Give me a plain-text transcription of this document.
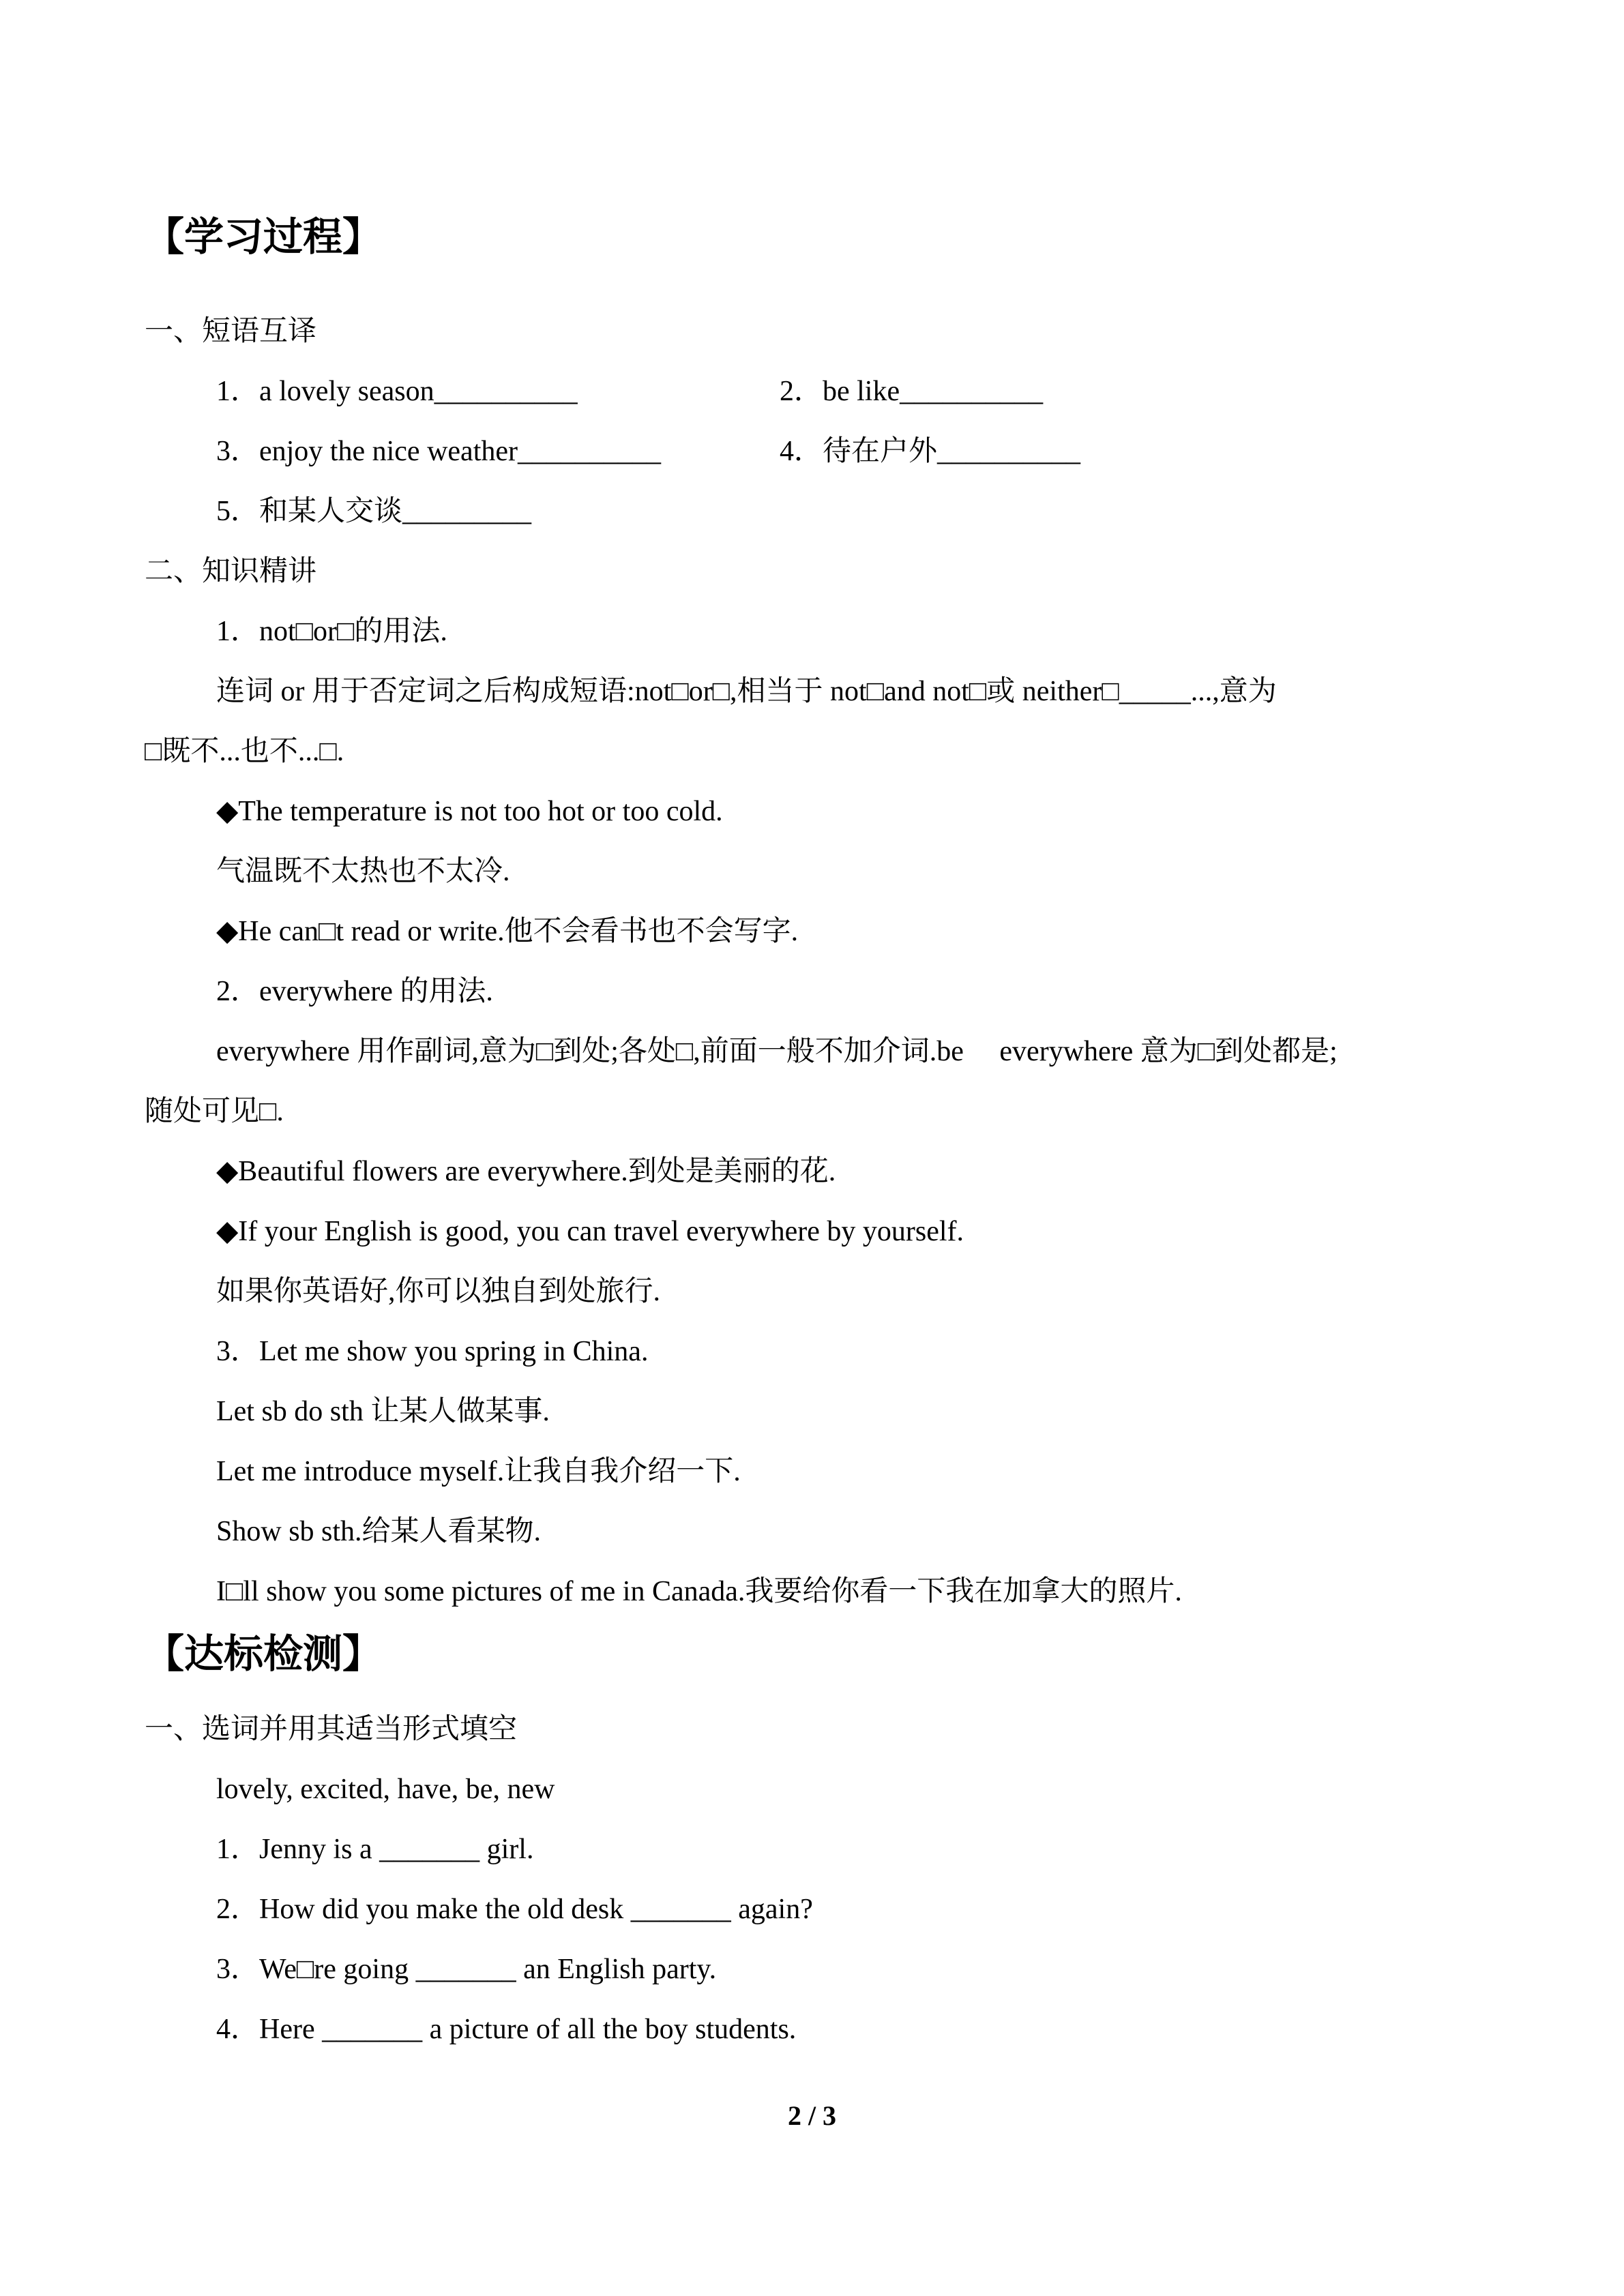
【学习过程】
一、短语互译
1．a lovely season__________	2．be like__________
3．enjoy the nice weather__________	4．待在户外__________
5．和某人交谈_________
二、知识精讲
1．not□or□的用法.
连词 or 用于否定词之后构成短语:not□or□,相当于 not□and not□或 neither□_____...,意为
□既不...也不...□.
◆The temperature is not too hot or too cold.
气温既不太热也不太冷.
◆He can□t read or write.他不会看书也不会写字.
2．everywhere 的用法.
everywhere 用作副词,意为□到处;各处□,前面一般不加介词.be     everywhere 意为□到处都是;
随处可见□.
◆Beautiful flowers are everywhere.到处是美丽的花.
◆If your English is good, you can travel everywhere by yourself.
如果你英语好,你可以独自到处旅行.
3．Let me show you spring in China.
Let sb do sth 让某人做某事.
Let me introduce myself.让我自我介绍一下.
Show sb sth.给某人看某物.
I□ll show you some pictures of me in Canada.我要给你看一下我在加拿大的照片.
【达标检测】
一、选词并用其适当形式填空
lovely, excited, have, be, new
1．Jenny is a _______ girl.
2．How did you make the old desk _______ again?
3．We□re going _______ an English party.
4．Here _______ a picture of all the boy students.
2 / 3
